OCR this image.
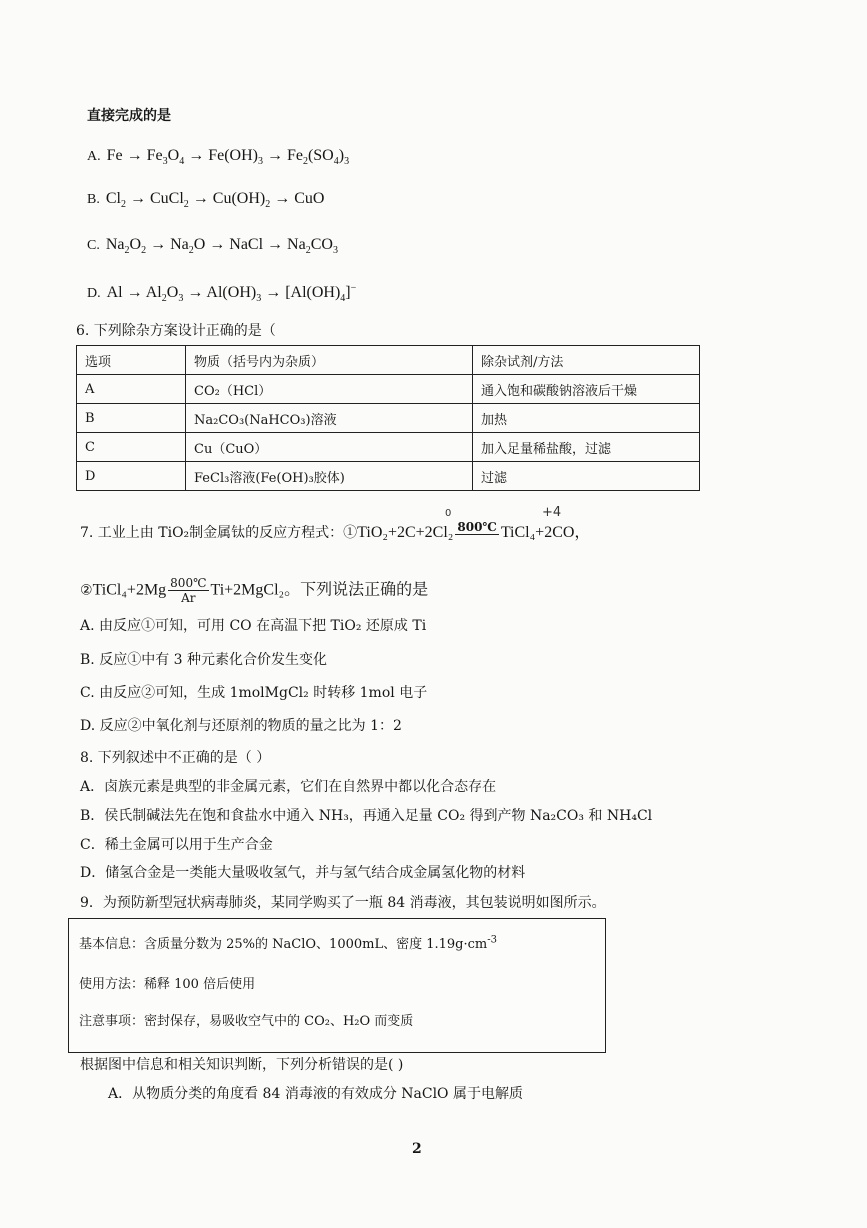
直接完成的是
A. $Fe \to Fe_3O_4 \to Fe(OH)_3 \to Fe_2(SO_4)_3$
B. $Cl_2$ → CuCl$_2$ → $Cu(OH)_2$ → CuO
C. $Na_2O_2 \to Na_2O$ → NaCl → $Na_2CO_3$
D. $Al \to Al_2O_3 \to Al(OH)_3 \to [Al(OH)_4]^-$
6. 下列除杂方案设计正确的是（
选项	物质（括号内为杂质）	除杂试剂/方法
A	CO₂（HCl）	通入饱和碳酸钠溶液后干燥
B	Na₂CO₃(NaHCO₃)溶液	加热
C	Cu（CuO）	加入足量稀盐酸，过滤
D	FeCl₃溶液(Fe(OH)₃胶体)	过滤
7. 工业上由 TiO₂制金属钛的反应方程式：①TiO₂+2C+2Cl₂ 800℃ TiCl₄+2CO，
+4
0
②TiCl₄+2Mg $\frac{800℃}{Ar}$ Ti+2MgCl₂。下列说法正确的是
A. 由反应①可知，可用 CO 在高温下把 TiO₂ 还原成 Ti
B. 反应①中有 3 种元素化合价发生变化
C. 由反应②可知，生成 1molMgCl₂ 时转移 1mol 电子
D. 反应②中氧化剂与还原剂的物质的量之比为 1：2
8. 下列叙述中不正确的是（ ）
A．卤族元素是典型的非金属元素，它们在自然界中都以化合态存在
B．侯氏制碱法先在饱和食盐水中通入 NH₃，再通入足量 CO₂ 得到产物 Na₂CO₃ 和 NH₄Cl
C．稀土金属可以用于生产合金
D．储氢合金是一类能大量吸收氢气，并与氢气结合成金属氢化物的材料
9．为预防新型冠状病毒肺炎，某同学购买了一瓶 84 消毒液，其包装说明如图所示。
基本信息：含质量分数为 25%的 NaClO、1000mL、密度 $1.19g\cdot cm^{-3}$
使用方法：稀释 100 倍后使用
注意事项：密封保存，易吸收空气中的 CO₂、H₂O 而变质
根据图中信息和相关知识判断，下列分析错误的是( )
A．从物质分类的角度看 84 消毒液的有效成分 NaClO 属于电解质
2
